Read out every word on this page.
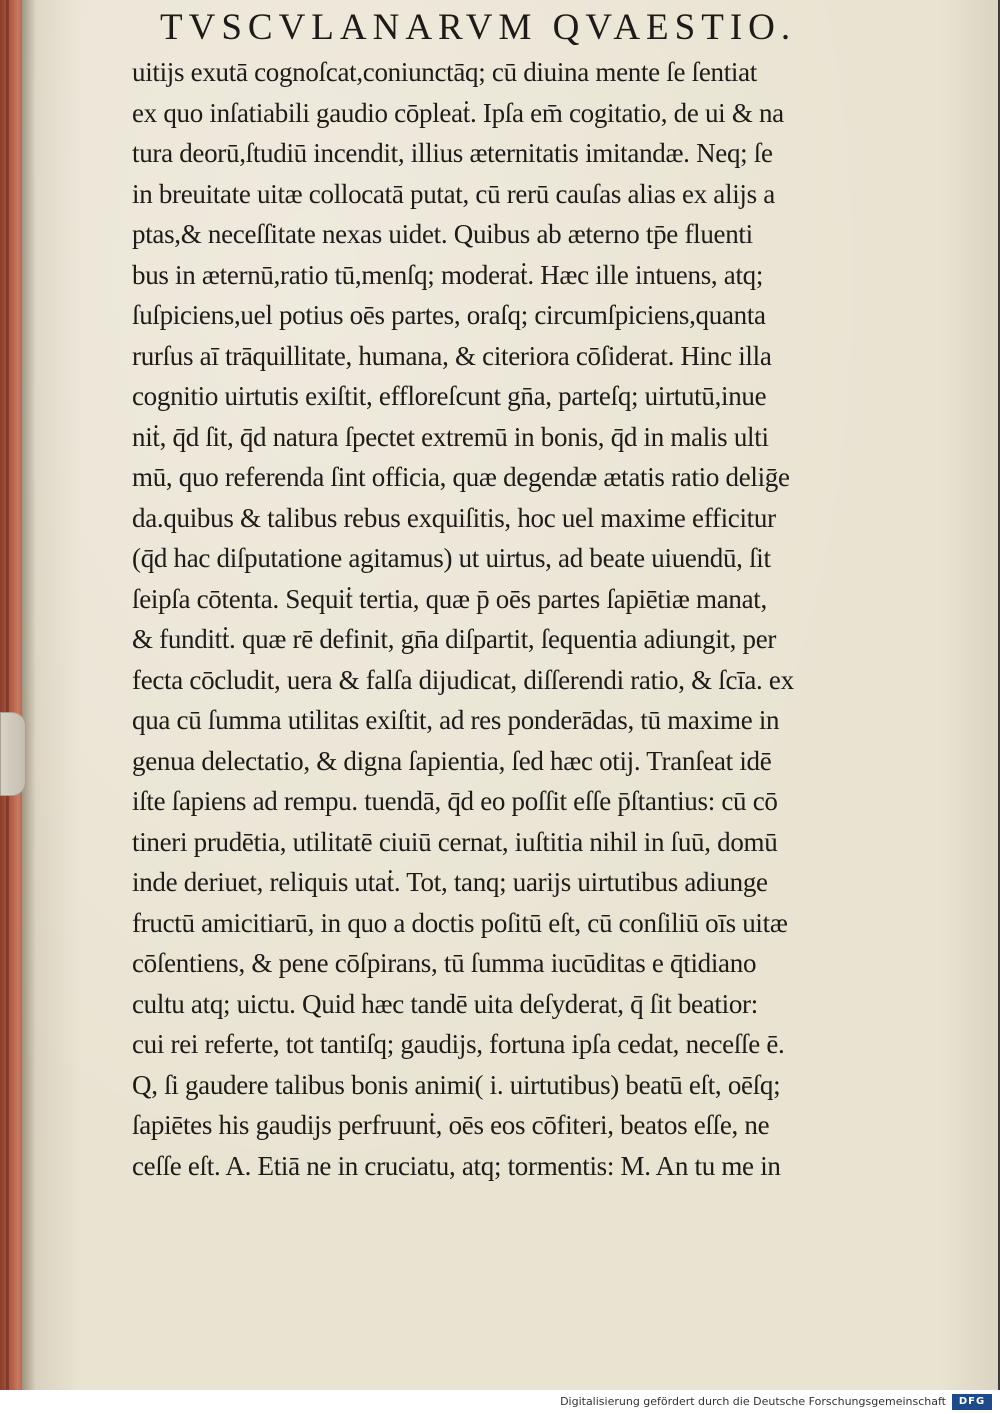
TVSCVLANARVM QVAESTIO.
uitijs exutā cognoſcat,coniunctāq; cū diuina mente ſe ſentiat
ex quo inſatiabili gaudio cōpleaṫ. Ipſa em̄ cogitatio, de ui & na
tura deorū,ſtudiū incendit, illius æternitatis imitandæ. Neq; ſe
in breuitate uitæ collocatā putat, cū rerū cauſas alias ex alijs a
ptas,& neceſſitate nexas uidet. Quibus ab æterno tp̄e fluenti
bus in æternū,ratio tū,menſq; moderaṫ. Hæc ille intuens, atq;
ſuſpiciens,uel potius oēs partes, oraſq; circumſpiciens,quanta
rurſus aī trāquillitate, humana, & citeriora cōſiderat. Hinc illa
cognitio uirtutis exiſtit, effloreſcunt gn̄a, parteſq; uirtutū,inue
niṫ, q̄d ſit, q̄d natura ſpectet extremū in bonis, q̄d in malis ulti
mū, quo referenda ſint officia, quæ degendæ ætatis ratio deliḡe
da.quibus & talibus rebus exquiſitis, hoc uel maxime efficitur
(q̄d hac diſputatione agitamus) ut uirtus, ad beate uiuendū, ſit
ſeipſa cōtenta. Sequiṫ tertia, quæ p̄ oēs partes ſapiētiæ manat,
& funditṫ. quæ rē definit, gn̄a diſpartit, ſequentia adiungit, per
fecta cōcludit, uera & falſa dijudicat, diſſerendi ratio, & ſcīa. ex
qua cū ſumma utilitas exiſtit, ad res ponderādas, tū maxime in
genua delectatio, & digna ſapientia, ſed hæc otij. Tranſeat idē
iſte ſapiens ad rempu. tuendā, q̄d eo poſſit eſſe p̄ſtantius: cū cō
tineri prudētia, utilitatē ciuiū cernat, iuſtitia nihil in ſuū, domū
inde deriuet, reliquis utaṫ. Tot, tanq; uarijs uirtutibus adiunge
fructū amicitiarū, in quo a doctis poſitū eſt, cū conſiliū oīs uitæ
cōſentiens, & pene cōſpirans, tū ſumma iucūditas e q̄tidiano
cultu atq; uictu. Quid hæc tandē uita deſyderat, q̄ ſit beatior:
cui rei referte, tot tantiſq; gaudijs, fortuna ipſa cedat, neceſſe ē.
Q, ſi gaudere talibus bonis animi( i. uirtutibus) beatū eſt, oēſq;
ſapiētes his gaudijs perfruunṫ, oēs eos cōfiteri, beatos eſſe, ne
ceſſe eſt. A. Etiā ne in cruciatu, atq; tormentis: M. An tu me in
Digitalisierung gefördert durch die Deutsche Forschungsgemeinschaft	DFG
